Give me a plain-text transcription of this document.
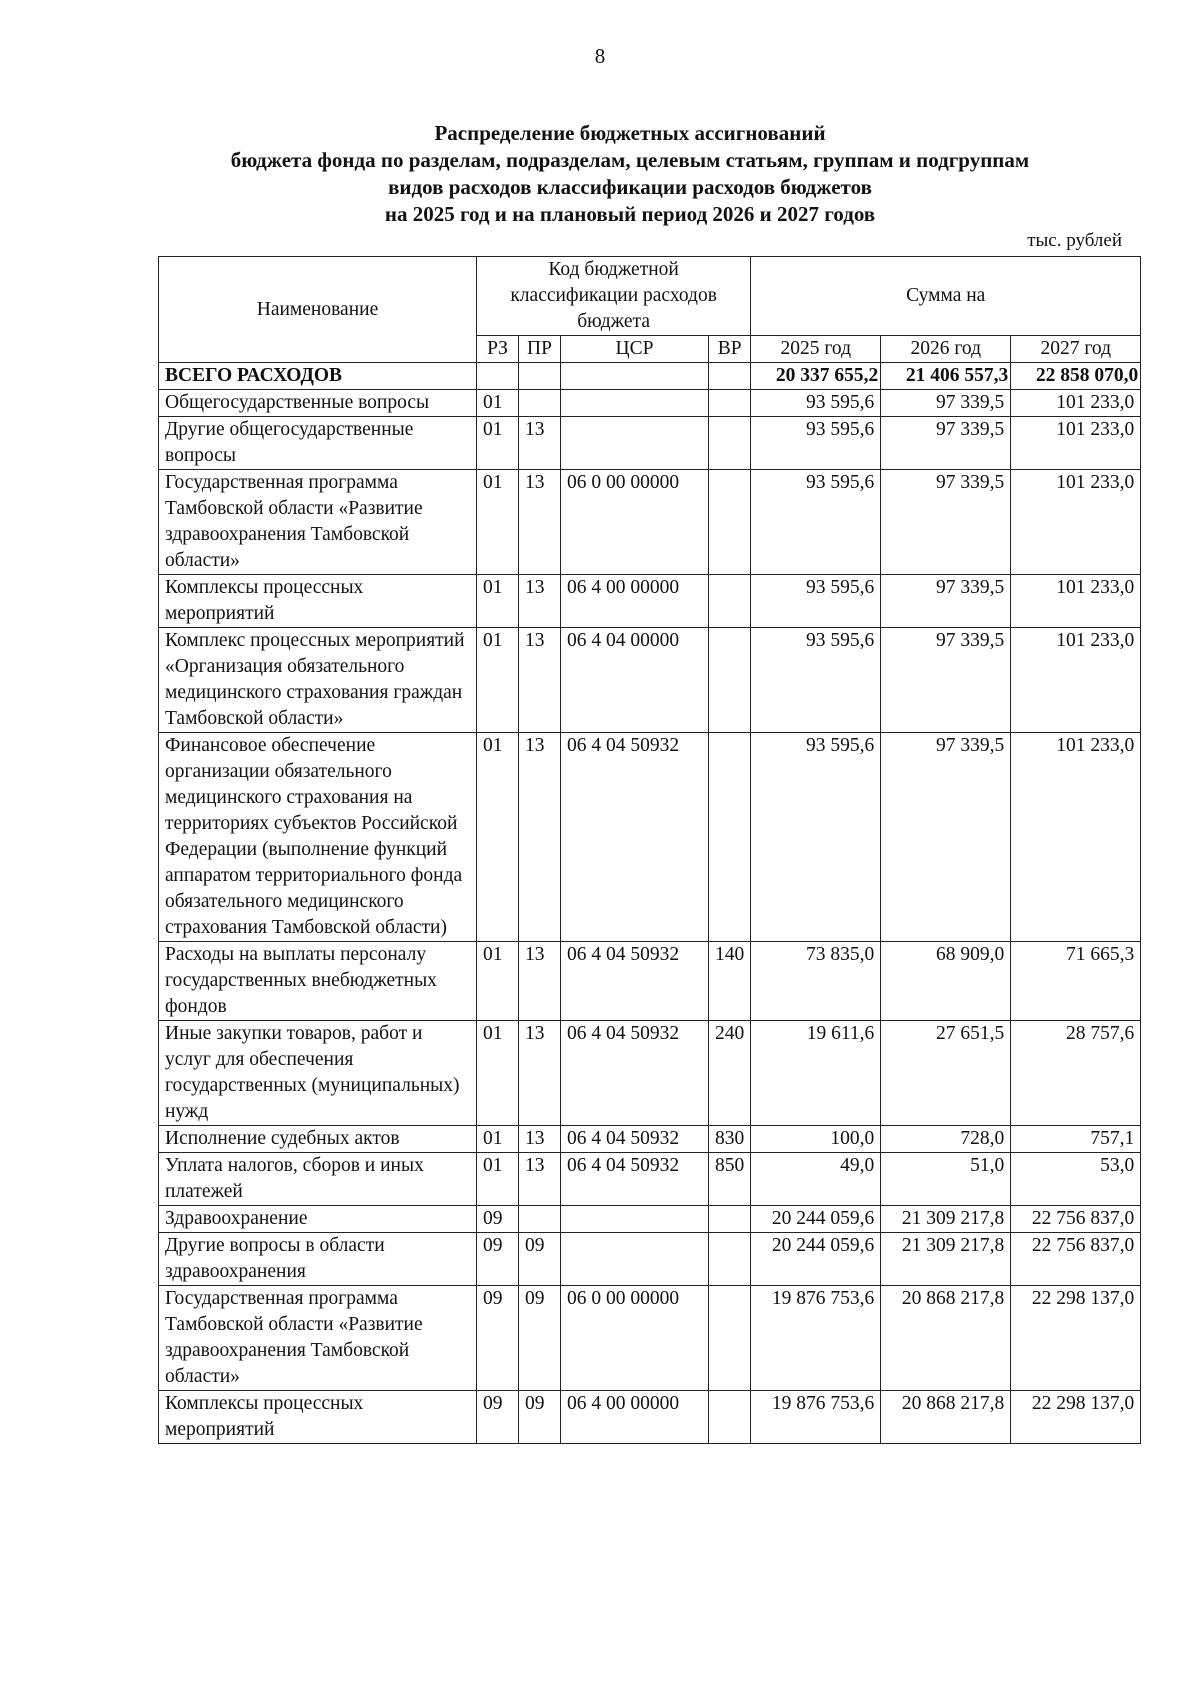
8
Распределение бюджетных ассигнований
бюджета фонда по разделам, подразделам, целевым статьям, группам и подгруппам
видов расходов классификации расходов бюджетов
на 2025 год и на плановый период 2026 и 2027 годов
тыс. рублей
Наименование	Код бюджетной классификации расходов бюджета				Сумма на		
	РЗ	ПР	ЦСР	ВР	2025 год	2026 год	2027 год
ВСЕГО РАСХОДОВ					20 337 655,2	21 406 557,3	22 858 070,0
Общегосударственные вопросы	01				93 595,6	97 339,5	101 233,0
Другие общегосударственные вопросы	01	13			93 595,6	97 339,5	101 233,0
Государственная программа Тамбовской области «Развитие здравоохранения Тамбовской области»	01	13	06 0 00 00000		93 595,6	97 339,5	101 233,0
Комплексы процессных мероприятий	01	13	06 4 00 00000		93 595,6	97 339,5	101 233,0
Комплекс процессных мероприятий «Организация обязательного медицинского страхования граждан Тамбовской области»	01	13	06 4 04 00000		93 595,6	97 339,5	101 233,0
Финансовое обеспечение организации обязательного медицинского страхования на территориях субъектов Российской Федерации (выполнение функций аппаратом территориального фонда обязательного медицинского страхования Тамбовской области)	01	13	06 4 04 50932		93 595,6	97 339,5	101 233,0
Расходы на выплаты персоналу государственных внебюджетных фондов	01	13	06 4 04 50932	140	73 835,0	68 909,0	71 665,3
Иные закупки товаров, работ и услуг для обеспечения государственных (муниципальных) нужд	01	13	06 4 04 50932	240	19 611,6	27 651,5	28 757,6
Исполнение судебных актов	01	13	06 4 04 50932	830	100,0	728,0	757,1
Уплата налогов, сборов и иных платежей	01	13	06 4 04 50932	850	49,0	51,0	53,0
Здравоохранение	09				20 244 059,6	21 309 217,8	22 756 837,0
Другие вопросы в области здравоохранения	09	09			20 244 059,6	21 309 217,8	22 756 837,0
Государственная программа Тамбовской области «Развитие здравоохранения Тамбовской области»	09	09	06 0 00 00000		19 876 753,6	20 868 217,8	22 298 137,0
Комплексы процессных мероприятий	09	09	06 4 00 00000		19 876 753,6	20 868 217,8	22 298 137,0
